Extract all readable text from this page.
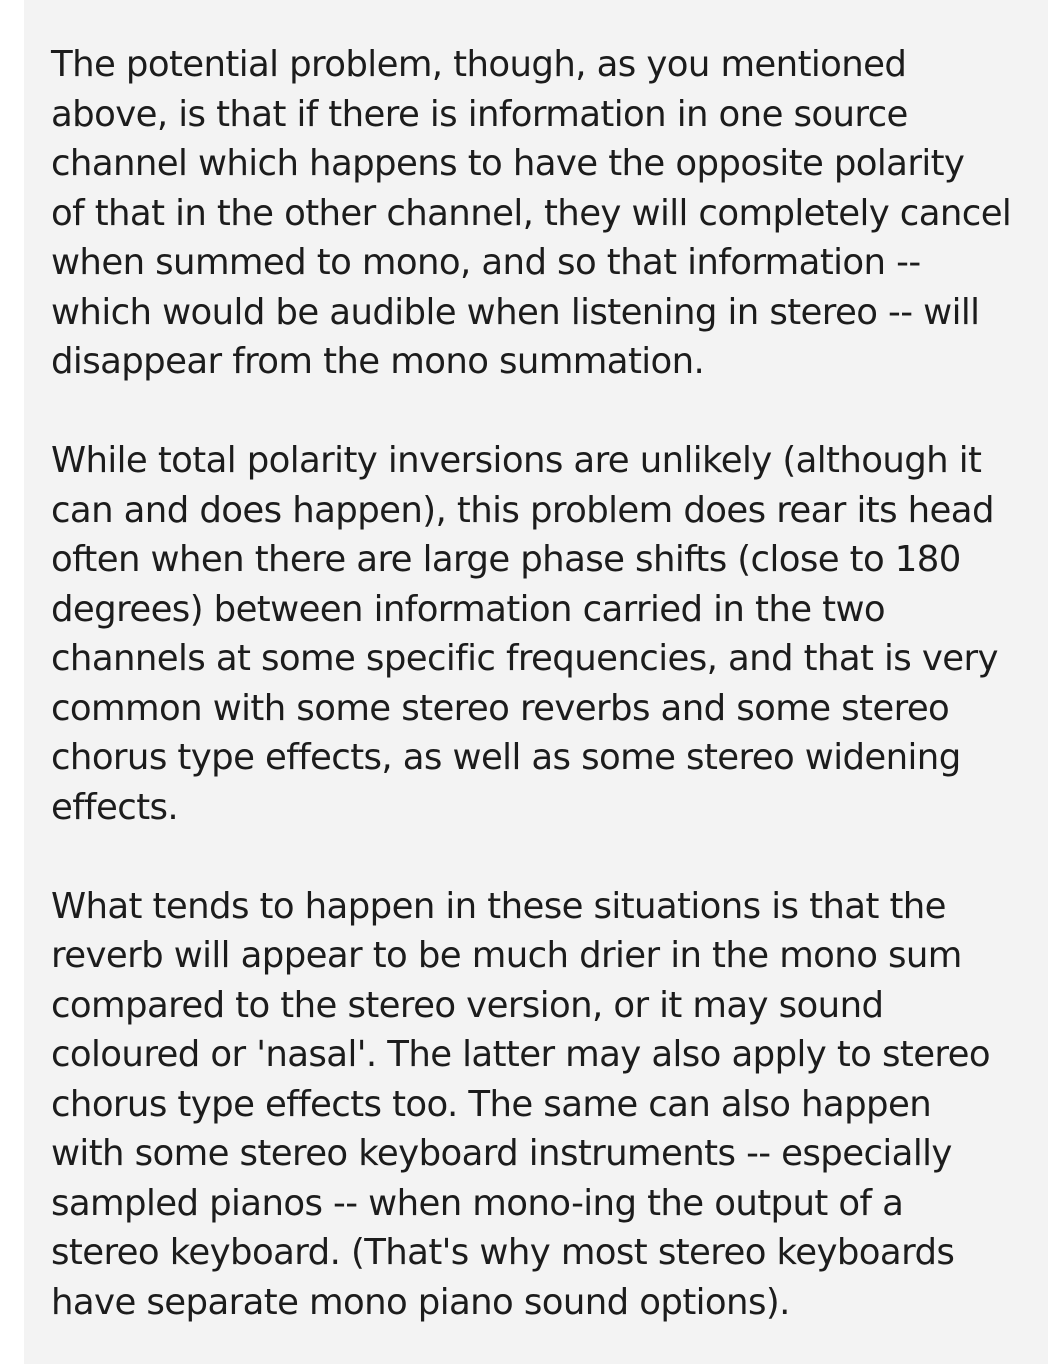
The potential problem, though, as you mentioned
above, is that if there is information in one source
channel which happens to have the opposite polarity
of that in the other channel, they will completely cancel
when summed to mono, and so that information --
which would be audible when listening in stereo -- will
disappear from the mono summation.

While total polarity inversions are unlikely (although it
can and does happen), this problem does rear its head
often when there are large phase shifts (close to 180
degrees) between information carried in the two
channels at some specific frequencies, and that is very
common with some stereo reverbs and some stereo
chorus type effects, as well as some stereo widening
effects.

What tends to happen in these situations is that the
reverb will appear to be much drier in the mono sum
compared to the stereo version, or it may sound
coloured or 'nasal'. The latter may also apply to stereo
chorus type effects too. The same can also happen
with some stereo keyboard instruments -- especially
sampled pianos -- when mono-ing the output of a
stereo keyboard. (That's why most stereo keyboards
have separate mono piano sound options).
